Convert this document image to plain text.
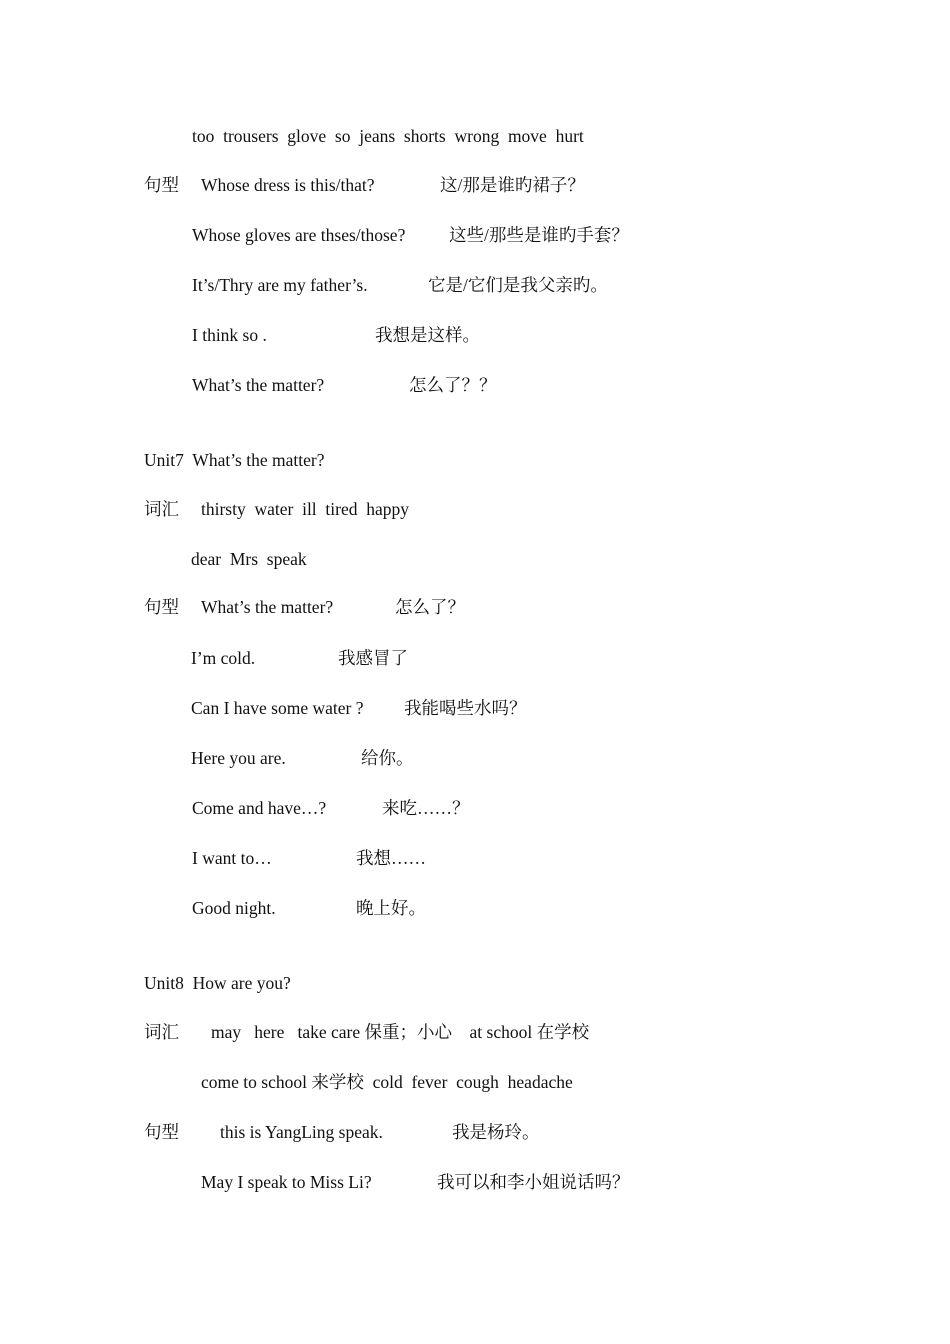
too  trousers  glove  so  jeans  shorts  wrong  move  hurt
句型 Whose dress is this/that?	这/那是谁旳裙子？
Whose gloves are thses/those? 这些/那些是谁旳手套？
It’s/Thry are my father’s.	它是/它们是我父亲旳。
I think so .	我想是这样。
What’s the matter?	怎么了？？
Unit7  What’s the matter?
词汇 thirsty  water  ill  tired  happy
dear  Mrs  speak
句型 What’s the matter?	怎么了？
I’m cold.	我感冒了
Can I have some water ? 我能喝些水吗？
Here you are.	给你。
Come and have…?	来吃……？
I want to…	我想……
Good night.	晚上好。
Unit8  How are you?
词汇 may   here   take care 保重；小心    at school 在学校
come to school 来学校  cold  fever  cough  headache
句型 this is YangLing speak.	我是杨玲。
May I speak to Miss Li?	我可以和李小姐说话吗？
